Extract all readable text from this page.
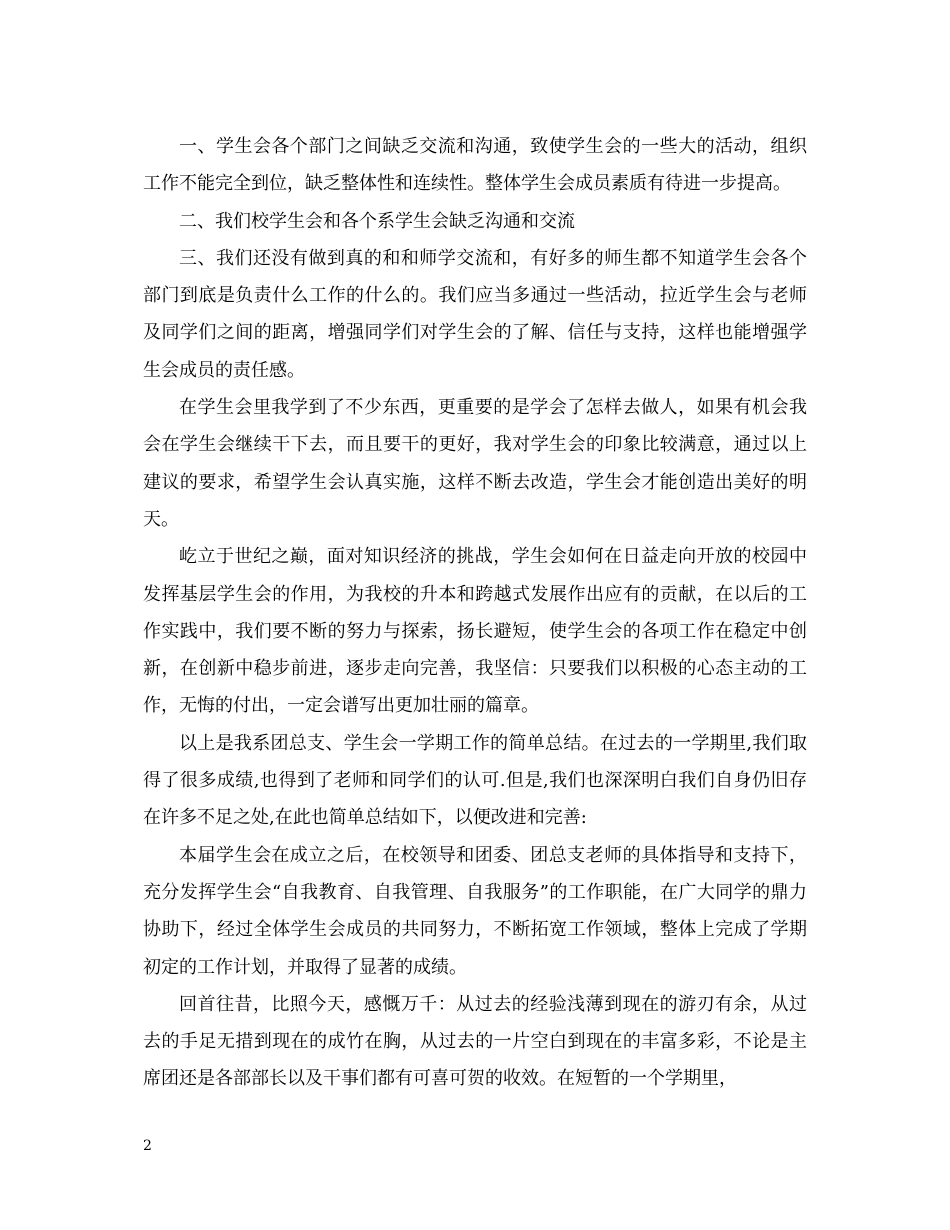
一、学生会各个部门之间缺乏交流和沟通，致使学生会的一些大的活动，组织工作不能完全到位，缺乏整体性和连续性。整体学生会成员素质有待进一步提高。

二、我们校学生会和各个系学生会缺乏沟通和交流

三、我们还没有做到真的和和师学交流和，有好多的师生都不知道学生会各个部门到底是负责什么工作的什么的。我们应当多通过一些活动，拉近学生会与老师及同学们之间的距离，增强同学们对学生会的了解、信任与支持，这样也能增强学生会成员的责任感。

在学生会里我学到了不少东西，更重要的是学会了怎样去做人，如果有机会我会在学生会继续干下去，而且要干的更好，我对学生会的印象比较满意，通过以上建议的要求，希望学生会认真实施，这样不断去改造，学生会才能创造出美好的明天。

屹立于世纪之巅，面对知识经济的挑战，学生会如何在日益走向开放的校园中发挥基层学生会的作用，为我校的升本和跨越式发展作出应有的贡献，在以后的工作实践中，我们要不断的努力与探索，扬长避短，使学生会的各项工作在稳定中创新，在创新中稳步前进，逐步走向完善，我坚信：只要我们以积极的心态主动的工作，无悔的付出，一定会谱写出更加壮丽的篇章。

以上是我系团总支、学生会一学期工作的简单总结。在过去的一学期里,我们取得了很多成绩,也得到了老师和同学们的认可.但是,我们也深深明白我们自身仍旧存在许多不足之处,在此也简单总结如下，以便改进和完善:

本届学生会在成立之后，在校领导和团委、团总支老师的具体指导和支持下，充分发挥学生会“自我教育、自我管理、自我服务”的工作职能，在广大同学的鼎力协助下，经过全体学生会成员的共同努力，不断拓宽工作领域，整体上完成了学期初定的工作计划，并取得了显著的成绩。

回首往昔，比照今天，感慨万千：从过去的经验浅薄到现在的游刃有余，从过去的手足无措到现在的成竹在胸，从过去的一片空白到现在的丰富多彩，不论是主席团还是各部部长以及干事们都有可喜可贺的收效。在短暂的一个学期里，

2
